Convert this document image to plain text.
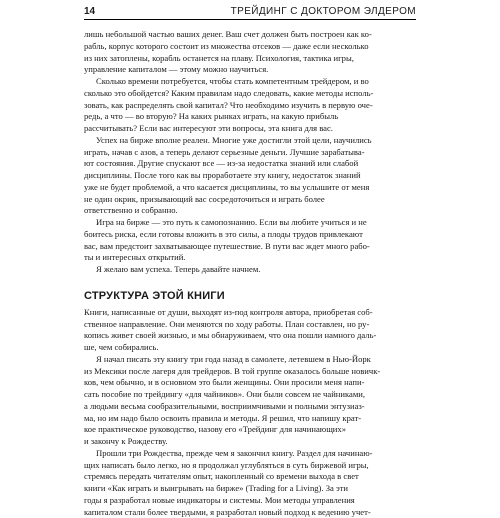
14	ТРЕЙДИНГ С ДОКТОРОМ ЭЛДЕРОМ
лишь небольшой частью ваших денег. Ваш счет должен быть построен как ко-
рабль, корпус которого состоит из множества отсеков — даже если несколько
из них затоплены, корабль останется на плаву. Психология, тактика игры,
управление капиталом — этому можно научиться.
Сколько времени потребуется, чтобы стать компетентным трейдером, и во
сколько это обойдется? Каким правилам надо следовать, какие методы исполь-
зовать, как распределять свой капитал? Что необходимо изучить в первую оче-
редь, а что — во вторую? На каких рынках играть, на какую прибыль
рассчитывать? Если вас интересуют эти вопросы, эта книга для вас.
Успех на бирже вполне реален. Многие уже достигли этой цели, научились
играть, начав с азов, а теперь делают серьезные деньги. Лучшие зарабатыва-
ют состояния. Другие спускают все — из-за недостатка знаний или слабой
дисциплины. После того как вы проработаете эту книгу, недостаток знаний
уже не будет проблемой, а что касается дисциплины, то вы услышите от меня
не один окрик, призывающий вас сосредоточиться и играть более
ответственно и собранно.
Игра на бирже — это путь к самопознанию. Если вы любите учиться и не
боитесь риска, если готовы вложить в это силы, а плоды трудов привлекают
вас, вам предстоит захватывающее путешествие. В пути вас ждет много рабо-
ты и интересных открытий.
Я желаю вам успеха. Теперь давайте начнем.
СТРУКТУРА ЭТОЙ КНИГИ
Книги, написанные от души, выходят из-под контроля автора, приобретая соб-
ственное направление. Они меняются по ходу работы. План составлен, но ру-
копись живет своей жизнью, и мы обнаруживаем, что она пошли намного даль-
ше, чем собирались.
Я начал писать эту книгу три года назад в самолете, летевшем в Нью-Йорк
из Мексики после лагеря для трейдеров. В той группе оказалось больше новичк-
ков, чем обычно, и в основном это были женщины. Они просили меня напи-
сать пособие по трейдингу «для чайников». Они были совсем не чайниками,
а людьми весьма сообразительными, восприимчивыми и полными энтузиаз-
ма, но им надо было освоить правила и методы. Я решил, что напишу крат-
кое практическое руководство, назову его «Трейдинг для начинающих»
и закончу к Рождеству.
Прошли три Рождества, прежде чем я закончил книгу. Раздел для начинаю-
щих написать было легко, но я продолжал углубляться в суть биржевой игры,
стремясь передать читателям опыт, накопленный со времени выхода в свет
книги «Как играть и выигрывать на бирже» (Trading for a Living). За эти
годы я разработал новые индикаторы и системы. Мои методы управления
капиталом стали более твердыми, я разработал новый подход к ведению учет-
